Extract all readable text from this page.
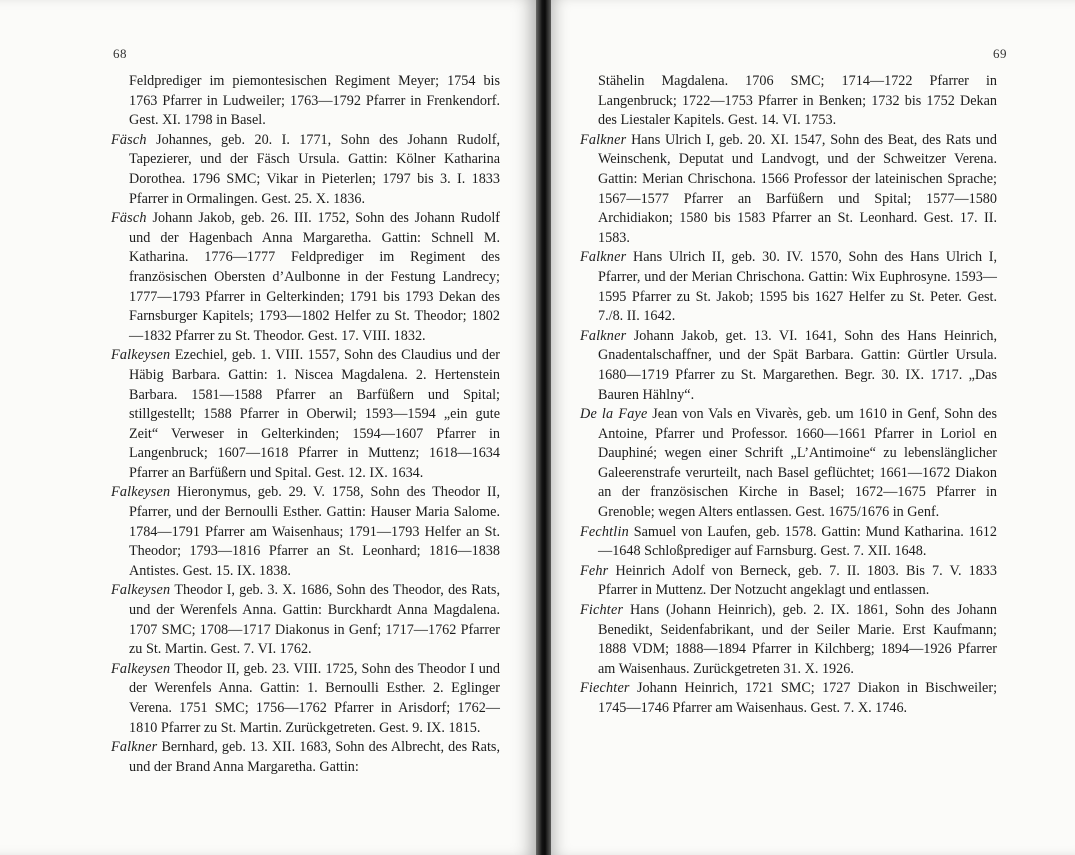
68

Feldprediger im piemontesischen Regiment Meyer; 1754 bis 1763 Pfarrer in Ludweiler; 1763—1792 Pfarrer in Frenkendorf. Gest. XI. 1798 in Basel.

Fäsch Johannes, geb. 20. I. 1771, Sohn des Johann Rudolf, Tapezierer, und der Fäsch Ursula. Gattin: Kölner Katharina Dorothea. 1796 SMC; Vikar in Pieterlen; 1797 bis 3. I. 1833 Pfarrer in Ormalingen. Gest. 25. X. 1836.

Fäsch Johann Jakob, geb. 26. III. 1752, Sohn des Johann Rudolf und der Hagenbach Anna Margaretha. Gattin: Schnell M. Katharina. 1776—1777 Feldprediger im Regiment des französischen Obersten d’Aulbonne in der Festung Landrecy; 1777—1793 Pfarrer in Gelterkinden; 1791 bis 1793 Dekan des Farnsburger Kapitels; 1793—1802 Helfer zu St. Theodor; 1802—1832 Pfarrer zu St. Theodor. Gest. 17. VIII. 1832.

Falkeysen Ezechiel, geb. 1. VIII. 1557, Sohn des Claudius und der Häbig Barbara. Gattin: 1. Niscea Magdalena. 2. Hertenstein Barbara. 1581—1588 Pfarrer an Barfüßern und Spital; stillgestellt; 1588 Pfarrer in Oberwil; 1593—1594 „ein gute Zeit“ Verweser in Gelterkinden; 1594—1607 Pfarrer in Langenbruck; 1607—1618 Pfarrer in Muttenz; 1618—1634 Pfarrer an Barfüßern und Spital. Gest. 12. IX. 1634.

Falkeysen Hieronymus, geb. 29. V. 1758, Sohn des Theodor II, Pfarrer, und der Bernoulli Esther. Gattin: Hauser Maria Salome. 1784—1791 Pfarrer am Waisenhaus; 1791—1793 Helfer an St. Theodor; 1793—1816 Pfarrer an St. Leonhard; 1816—1838 Antistes. Gest. 15. IX. 1838.

Falkeysen Theodor I, geb. 3. X. 1686, Sohn des Theodor, des Rats, und der Werenfels Anna. Gattin: Burckhardt Anna Magdalena. 1707 SMC; 1708—1717 Diakonus in Genf; 1717—1762 Pfarrer zu St. Martin. Gest. 7. VI. 1762.

Falkeysen Theodor II, geb. 23. VIII. 1725, Sohn des Theodor I und der Werenfels Anna. Gattin: 1. Bernoulli Esther. 2. Eglinger Verena. 1751 SMC; 1756—1762 Pfarrer in Arisdorf; 1762—1810 Pfarrer zu St. Martin. Zurückgetreten. Gest. 9. IX. 1815.

Falkner Bernhard, geb. 13. XII. 1683, Sohn des Albrecht, des Rats, und der Brand Anna Margaretha. Gattin:

69

Stähelin Magdalena. 1706 SMC; 1714—1722 Pfarrer in Langenbruck; 1722—1753 Pfarrer in Benken; 1732 bis 1752 Dekan des Liestaler Kapitels. Gest. 14. VI. 1753.

Falkner Hans Ulrich I, geb. 20. XI. 1547, Sohn des Beat, des Rats und Weinschenk, Deputat und Landvogt, und der Schweitzer Verena. Gattin: Merian Chrischona. 1566 Professor der lateinischen Sprache; 1567—1577 Pfarrer an Barfüßern und Spital; 1577—1580 Archidiakon; 1580 bis 1583 Pfarrer an St. Leonhard. Gest. 17. II. 1583.

Falkner Hans Ulrich II, geb. 30. IV. 1570, Sohn des Hans Ulrich I, Pfarrer, und der Merian Chrischona. Gattin: Wix Euphrosyne. 1593—1595 Pfarrer zu St. Jakob; 1595 bis 1627 Helfer zu St. Peter. Gest. 7./8. II. 1642.

Falkner Johann Jakob, get. 13. VI. 1641, Sohn des Hans Heinrich, Gnadentalschaffner, und der Spät Barbara. Gattin: Gürtler Ursula. 1680—1719 Pfarrer zu St. Margarethen. Begr. 30. IX. 1717. „Das Bauren Hählny“.

De la Faye Jean von Vals en Vivarès, geb. um 1610 in Genf, Sohn des Antoine, Pfarrer und Professor. 1660—1661 Pfarrer in Loriol en Dauphiné; wegen einer Schrift „L’Antimoine“ zu lebenslänglicher Galeerenstrafe verurteilt, nach Basel geflüchtet; 1661—1672 Diakon an der französischen Kirche in Basel; 1672—1675 Pfarrer in Grenoble; wegen Alters entlassen. Gest. 1675/1676 in Genf.

Fechtlin Samuel von Laufen, geb. 1578. Gattin: Mund Katharina. 1612—1648 Schloßprediger auf Farnsburg. Gest. 7. XII. 1648.

Fehr Heinrich Adolf von Berneck, geb. 7. II. 1803. Bis 7. V. 1833 Pfarrer in Muttenz. Der Notzucht angeklagt und entlassen.

Fichter Hans (Johann Heinrich), geb. 2. IX. 1861, Sohn des Johann Benedikt, Seidenfabrikant, und der Seiler Marie. Erst Kaufmann; 1888 VDM; 1888—1894 Pfarrer in Kilchberg; 1894—1926 Pfarrer am Waisenhaus. Zurückgetreten 31. X. 1926.

Fiechter Johann Heinrich, 1721 SMC; 1727 Diakon in Bischweiler; 1745—1746 Pfarrer am Waisenhaus. Gest. 7. X. 1746.
